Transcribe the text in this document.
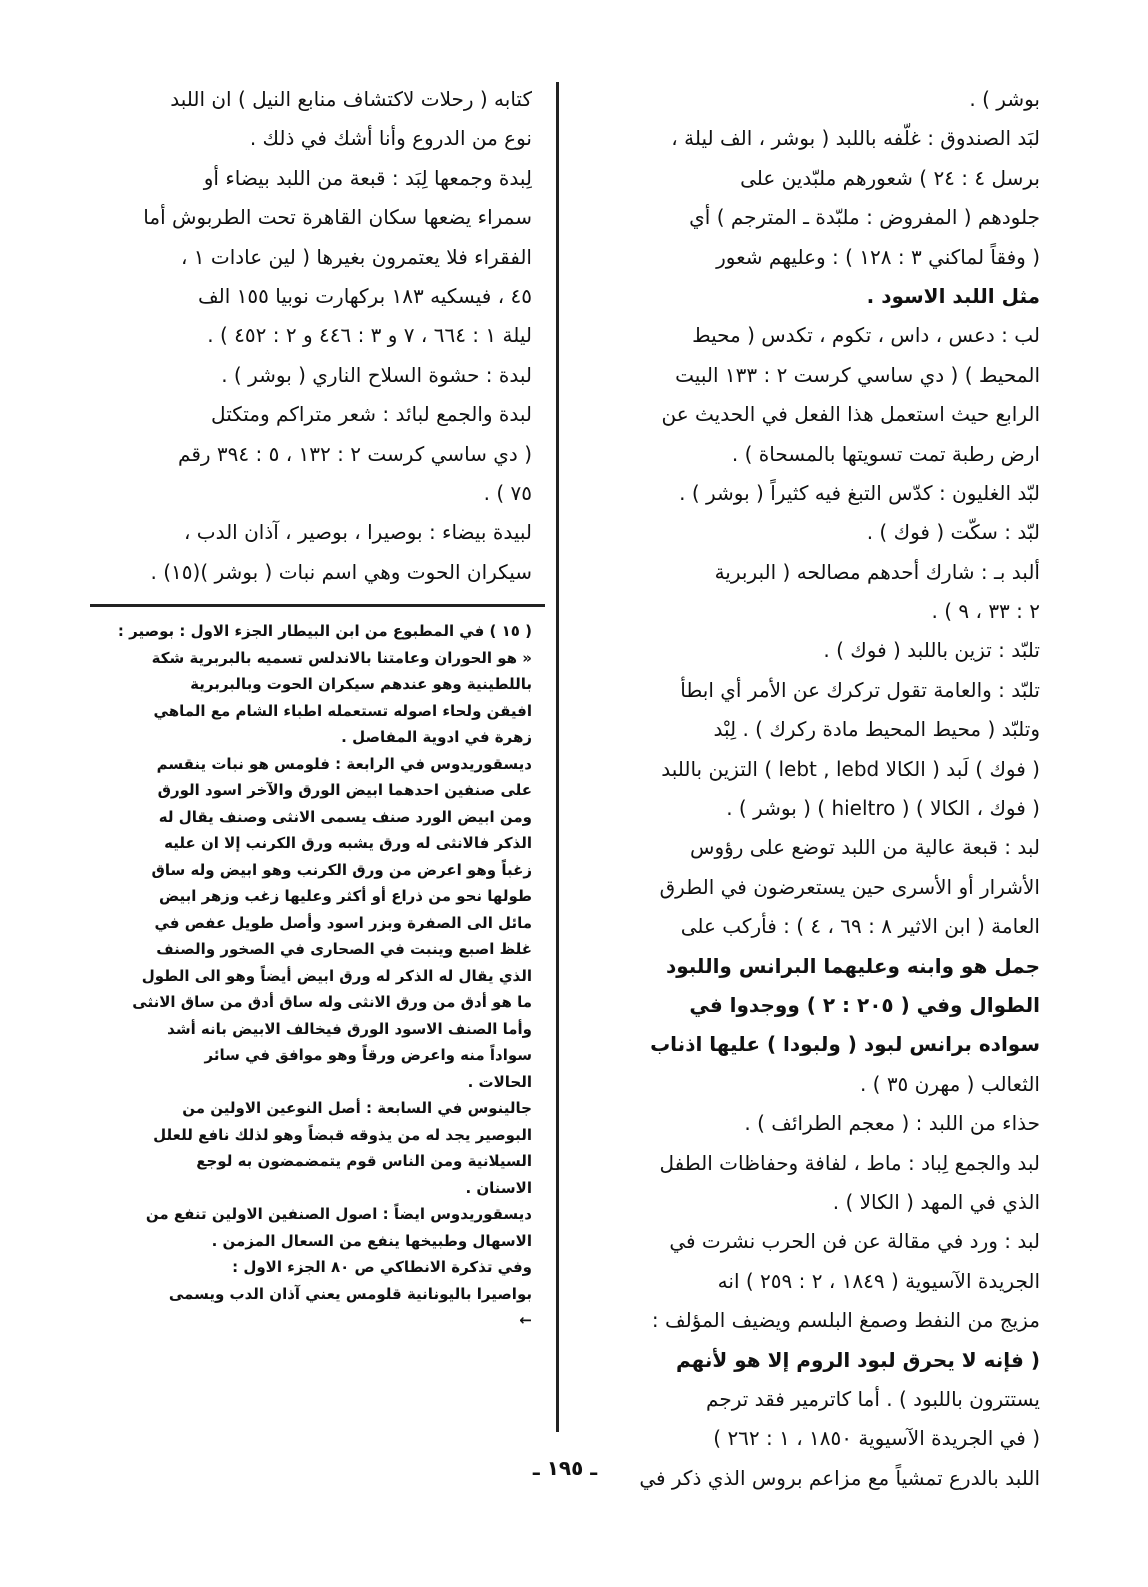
بوشر ) .
لبَد الصندوق : غلّفه باللبد ( بوشر ، الف ليلة ،
برسل ٤ : ٢٤ ) شعورهم ملبّدين على
جلودهم ( المفروض : ملبّدة ـ المترجم ) أي
( وفقاً لماكني ٣ : ١٢٨ ) : وعليهم شعور
مثل اللبد الاسود .
لب : دعس ، داس ، تكوم ، تكدس ( محيط
المحيط ) ( دي ساسي كرست ٢ : ١٣٣ البيت
الرابع حيث استعمل هذا الفعل في الحديث عن
ارض رطبة تمت تسويتها بالمسحاة ) .
لبّد الغليون : كدّس التبغ فيه كثيراً ( بوشر ) .
لبّد : سكّت ( فوك ) .
ألبد بـ : شارك أحدهم مصالحه ( البربرية
٢ : ٣٣ ، ٩ ) .
تلبّد : تزين باللبد ( فوك ) .
تلبّد : والعامة تقول تركرك عن الأمر أي ابطأ
وتلبّد ( محيط المحيط مادة ركرك ) . لِبْد
( فوك ) لَبد ( الكالا lebt , lebd ) التزين باللبد
( فوك ، الكالا ) ( hieltro ) ( بوشر ) .
لبد : قبعة عالية من اللبد توضع على رؤوس
الأشرار أو الأسرى حين يستعرضون في الطرق
العامة ( ابن الاثير ٨ : ٦٩ ، ٤ ) : فأركب على
جمل هو وابنه وعليهما البرانس واللبود
الطوال وفي ( ٢٠٥ : ٢ ) ووجدوا في
سواده برانس لبود ( ولبودا ) عليها اذناب
الثعالب ( مهرن ٣٥ ) .
حذاء من اللبد : ( معجم الطرائف ) .
لبد والجمع لِباد : ماط ، لفافة وحفاظات الطفل
الذي في المهد ( الكالا ) .
لبد : ورد في مقالة عن فن الحرب نشرت في
الجريدة الآسيوية ( ١٨٤٩ ، ٢ : ٢٥٩ ) انه
مزيج من النفط وصمغ البلسم ويضيف المؤلف :
( فإنه لا يحرق لبود الروم إلا هو لأنهم
يستترون باللبود ) . أما كاترمير فقد ترجم
( في الجريدة الآسيوية ١٨٥٠ ، ١ : ٢٦٢ )
اللبد بالدرع تمشياً مع مزاعم بروس الذي ذكر في
كتابه ( رحلات لاكتشاف منابع النيل ) ان اللبد
نوع من الدروع وأنا أشك في ذلك .
لِبدة وجمعها لِبَد : قبعة من اللبد بيضاء أو
سمراء يضعها سكان القاهرة تحت الطربوش أما
الفقراء فلا يعتمرون بغيرها ( لين عادات ١ ،
٤٥ ، فيسكيه ١٨٣ بركهارت نوبيا ١٥٥ الف
ليلة ١ : ٦٦٤ ، ٧ و ٣ : ٤٤٦ و ٢ : ٤٥٢ ) .
لبدة : حشوة السلاح الناري ( بوشر ) .
لبدة والجمع لبائد : شعر متراكم ومتكتل
( دي ساسي كرست ٢ : ١٣٢ ، ٥ : ٣٩٤ رقم
٧٥ ) .
لبيدة بيضاء : بوصيرا ، بوصير ، آذان الدب ،
سيكران الحوت وهي اسم نبات ( بوشر )(١٥) .
( ١٥ ) في المطبوع من ابن البيطار الجزء الاول : بوصير :
« هو الحوران وعامتنا بالاندلس تسميه بالبربرية شكة
باللطينية وهو عندهم سيكران الحوت وبالبربرية
افيقن ولحاء اصوله تستعمله اطباء الشام مع الماهي
زهرة في ادوية المفاصل .
ديسقوريدوس في الرابعة : فلومس هو نبات ينقسم
على صنفين احدهما ابيض الورق والآخر اسود الورق
ومن ابيض الورد صنف يسمى الانثى وصنف يقال له
الذكر فالانثى له ورق يشبه ورق الكرنب إلا ان عليه
زغباً وهو اعرض من ورق الكرنب وهو ابيض وله ساق
طولها نحو من ذراع أو أكثر وعليها زغب وزهر ابيض
مائل الى الصفرة وبزر اسود وأصل طويل عفص في
غلظ اصبع وينبت في الصحارى في الصخور والصنف
الذي يقال له الذكر له ورق ابيض أيضاً وهو الى الطول
ما هو أدق من ورق الانثى وله ساق أدق من ساق الانثى
وأما الصنف الاسود الورق فيخالف الابيض بانه أشد
سواداً منه واعرض ورقاً وهو موافق في سائر
الحالات .
جالينوس في السابعة : أصل النوعين الاولين من
البوصير يجد له من يذوقه قبضاً وهو لذلك نافع للعلل
السيلانية ومن الناس قوم يتمضمضون به لوجع
الاسنان .
ديسقوريدوس ايضاً : اصول الصنفين الاولين تنفع من
الاسهال وطبيخها ينفع من السعال المزمن .
وفي تذكرة الانطاكي ص ٨٠ الجزء الاول :
بواصيرا باليونانية قلومس يعني آذان الدب ويسمى
←
ـ ١٩٥ ـ
